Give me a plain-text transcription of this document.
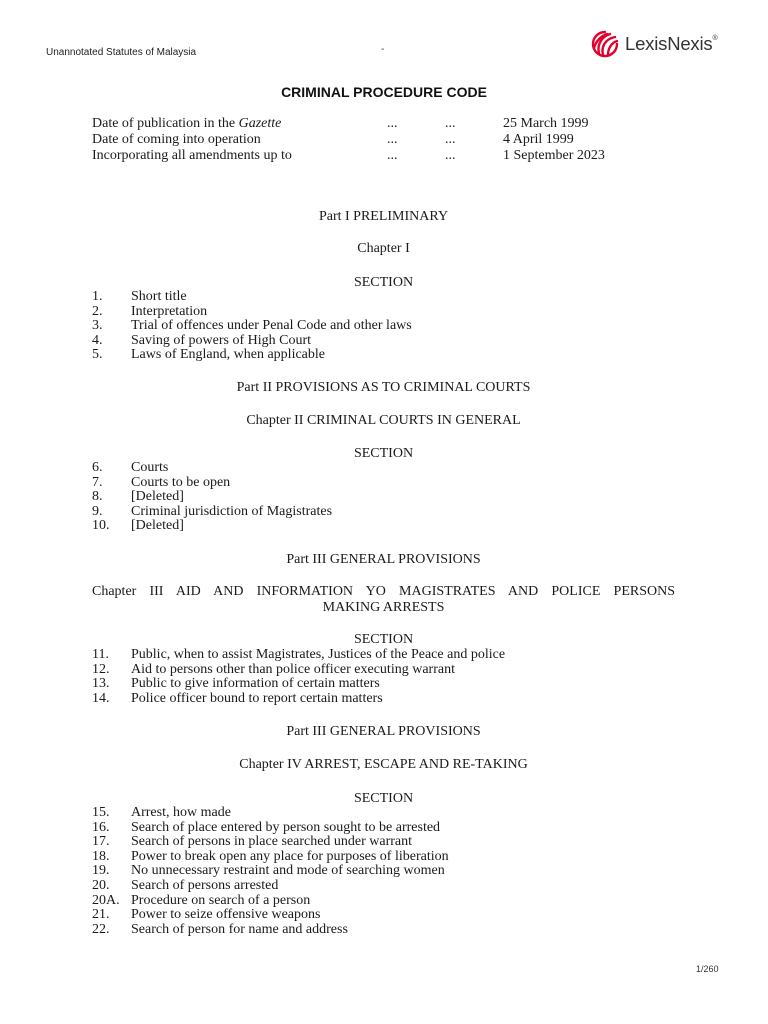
Unannotated Statutes of Malaysia	-	LexisNexis®
CRIMINAL PROCEDURE CODE
Date of publication in the Gazette	...	...	25 March 1999
Date of coming into operation	...	...	4 April 1999
Incorporating all amendments up to	...	...	1 September 2023
Part I PRELIMINARY
Chapter I
SECTION
1.	Short title
2.	Interpretation
3.	Trial of offences under Penal Code and other laws
4.	Saving of powers of High Court
5.	Laws of England, when applicable
Part II PROVISIONS AS TO CRIMINAL COURTS
Chapter II CRIMINAL COURTS IN GENERAL
SECTION
6.	Courts
7.	Courts to be open
8.	[Deleted]
9.	Criminal jurisdiction of Magistrates
10.	[Deleted]
Part III GENERAL PROVISIONS
Chapter III AID AND INFORMATION YO MAGISTRATES AND POLICE PERSONS
MAKING ARRESTS
SECTION
11.	Public, when to assist Magistrates, Justices of the Peace and police
12.	Aid to persons other than police officer executing warrant
13.	Public to give information of certain matters
14.	Police officer bound to report certain matters
Part III GENERAL PROVISIONS
Chapter IV ARREST, ESCAPE AND RE-TAKING
SECTION
15.	Arrest, how made
16.	Search of place entered by person sought to be arrested
17.	Search of persons in place searched under warrant
18.	Power to break open any place for purposes of liberation
19.	No unnecessary restraint and mode of searching women
20.	Search of persons arrested
20A. Procedure on search of a person
21.	Power to seize offensive weapons
22.	Search of person for name and address
1/260
